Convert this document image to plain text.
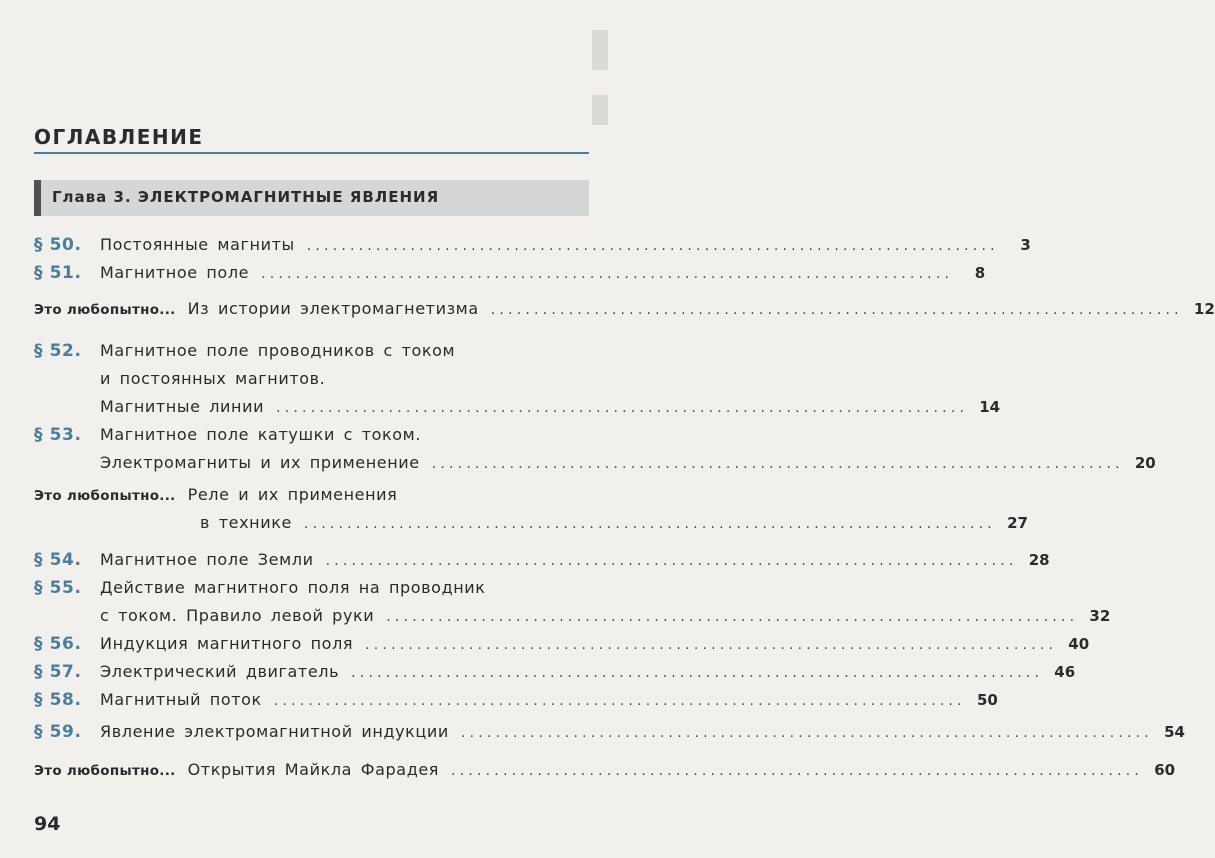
ОГЛАВЛЕНИЕ
Глава 3. ЭЛЕКТРОМАГНИТНЫЕ ЯВЛЕНИЯ
§ 50.	Постоянные магниты ................................................................................	3
§ 51.	Магнитное поле ................................................................................	8
Это любопытно... Из истории электромагнетизма ................................................................................ 12
§ 52.	Магнитное поле проводников с током
и постоянных магнитов.
Магнитные линии ................................................................................ 14
§ 53.	Магнитное поле катушки с током.
Электромагниты и их применение ................................................................................ 20
Это любопытно... Реле и их применения
в технике ................................................................................ 27
§ 54.	Магнитное поле Земли ................................................................................ 28
§ 55.	Действие магнитного поля на проводник
с током. Правило левой руки ................................................................................ 32
§ 56.	Индукция магнитного поля ................................................................................ 40
§ 57.	Электрический двигатель ................................................................................ 46
§ 58.	Магнитный поток ................................................................................ 50
§ 59.	Явление электромагнитной индукции ................................................................................ 54
Это любопытно... Открытия Майкла Фарадея ................................................................................ 60
94
